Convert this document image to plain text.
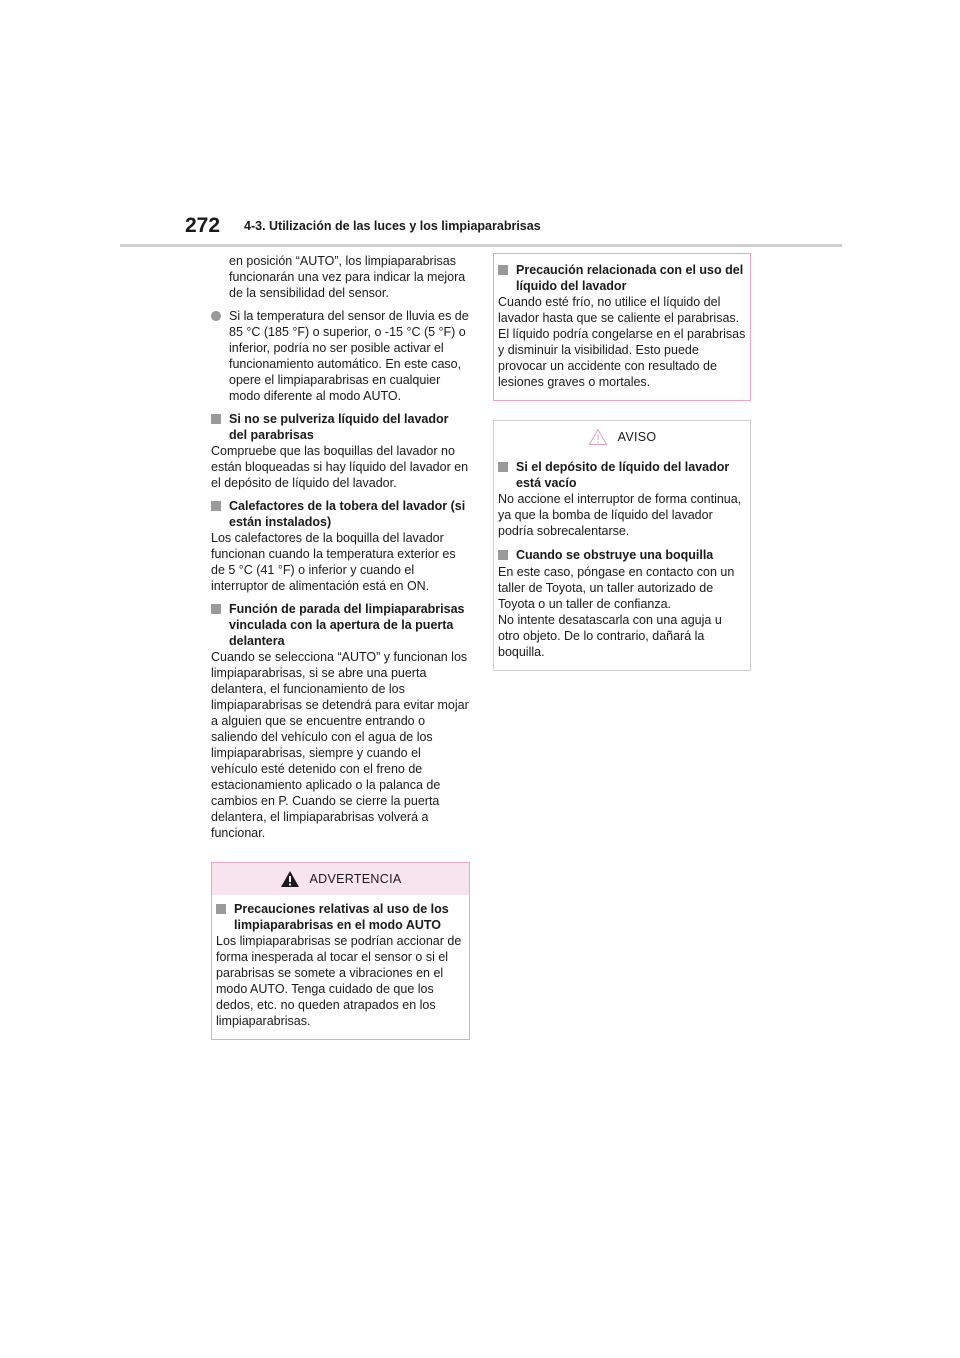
272 4-3. Utilización de las luces y los limpiaparabrisas

en posición “AUTO”, los limpiaparabrisas funcionarán una vez para indicar la mejora de la sensibilidad del sensor.

Si la temperatura del sensor de lluvia es de 85 °C (185 °F) o superior, o -15 °C (5 °F) o inferior, podría no ser posible activar el funcionamiento automático. En este caso, opere el limpiaparabrisas en cualquier modo diferente al modo AUTO.
Si no se pulveriza líquido del lavador del parabrisas

Compruebe que las boquillas del lavador no están bloqueadas si hay líquido del lavador en el depósito de líquido del lavador.

Calefactores de la tobera del lavador (si están instalados)

Los calefactores de la boquilla del lavador funcionan cuando la temperatura exterior es de 5 °C (41 °F) o inferior y cuando el interruptor de alimentación está en ON.

Función de parada del limpiaparabrisas vinculada con la apertura de la puerta delantera

Cuando se selecciona “AUTO” y funcionan los limpiaparabrisas, si se abre una puerta delantera, el funcionamiento de los limpiaparabrisas se detendrá para evitar mojar a alguien que se encuentre entrando o saliendo del vehículo con el agua de los limpiaparabrisas, siempre y cuando el vehículo esté detenido con el freno de estacionamiento aplicado o la palanca de cambios en P. Cuando se cierre la puerta delantera, el limpiaparabrisas volverá a funcionar.

ADVERTENCIA
Precauciones relativas al uso de los limpiaparabrisas en el modo AUTO

Los limpiaparabrisas se podrían accionar de forma inesperada al tocar el sensor o si el parabrisas se somete a vibraciones en el modo AUTO. Tenga cuidado de que los dedos, etc. no queden atrapados en los limpiaparabrisas.

Precaución relacionada con el uso del líquido del lavador

Cuando esté frío, no utilice el líquido del lavador hasta que se caliente el parabrisas. El líquido podría congelarse en el parabrisas y disminuir la visibilidad. Esto puede provocar un accidente con resultado de lesiones graves o mortales.

AVISO
Si el depósito de líquido del lavador está vacío

No accione el interruptor de forma continua, ya que la bomba de líquido del lavador podría sobrecalentarse.

Cuando se obstruye una boquilla

En este caso, póngase en contacto con un taller de Toyota, un taller autorizado de Toyota o un taller de confianza.

No intente desatascarla con una aguja u otro objeto. De lo contrario, dañará la boquilla.
